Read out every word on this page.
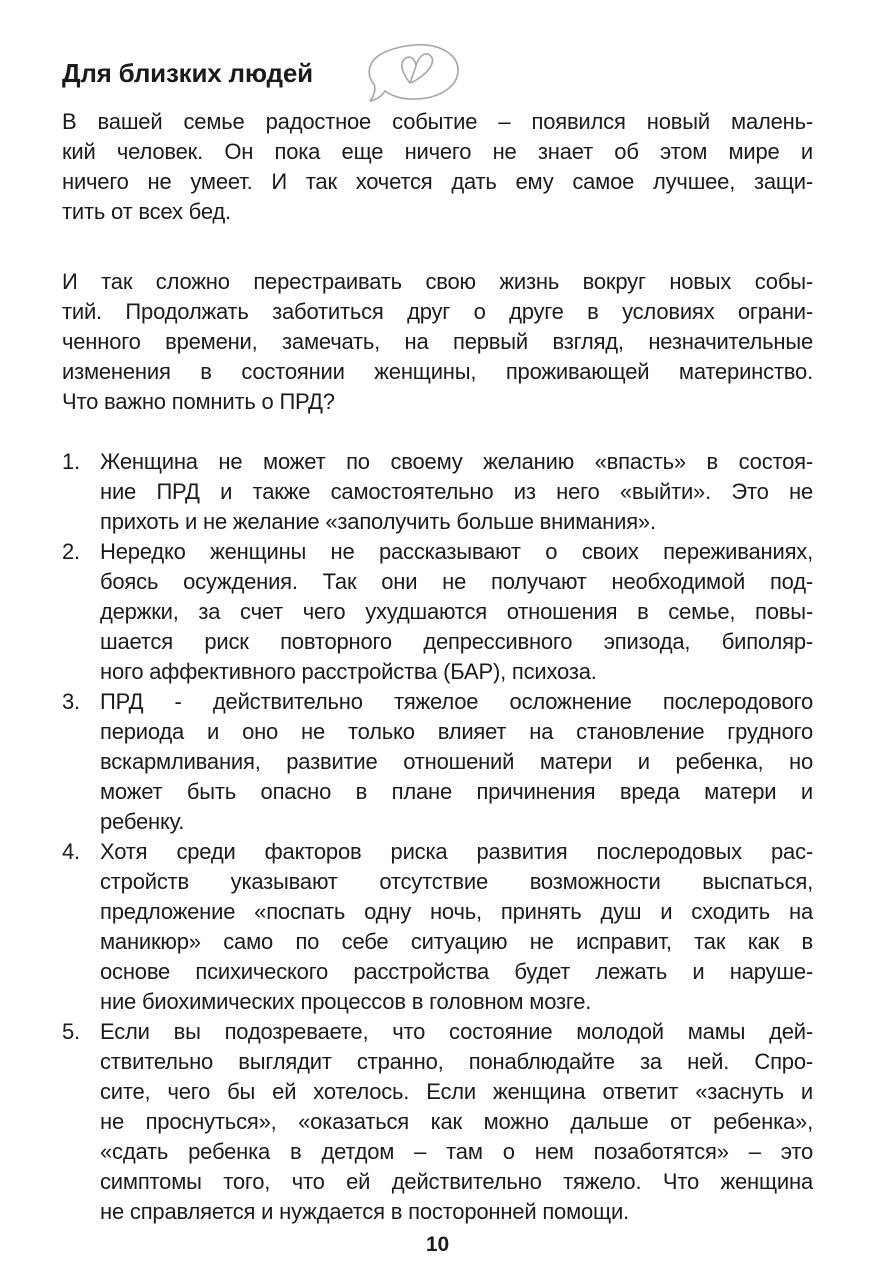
Для близких людей
В вашей семье радостное событие – появился новый малень-
кий человек. Он пока еще ничего не знает об этом мире и
ничего не умеет. И так хочется дать ему самое лучшее, защи-
тить от всех бед.
И так сложно перестраивать свою жизнь вокруг новых собы-
тий. Продолжать заботиться друг о друге в условиях ограни-
ченного времени, замечать, на первый взгляд, незначительные
изменения в состоянии женщины, проживающей материнство.
Что важно помнить о ПРД?
1. Женщина не может по своему желанию «впасть» в состоя-
ние ПРД и также самостоятельно из него «выйти». Это не
прихоть и не желание «заполучить больше внимания».
2. Нередко женщины не рассказывают о своих переживаниях,
боясь осуждения. Так они не получают необходимой под-
держки, за счет чего ухудшаются отношения в семье, повы-
шается риск повторного депрессивного эпизода, биполяр-
ного аффективного расстройства (БАР), психоза.
3. ПРД - действительно тяжелое осложнение послеродового
периода и оно не только влияет на становление грудного
вскармливания, развитие отношений матери и ребенка, но
может быть опасно в плане причинения вреда матери и
ребенку.
4. Хотя среди факторов риска развития послеродовых рас-
стройств указывают отсутствие возможности выспаться,
предложение «поспать одну ночь, принять душ и сходить на
маникюр» само по себе ситуацию не исправит, так как в
основе психического расстройства будет лежать и наруше-
ние биохимических процессов в головном мозге.
5. Если вы подозреваете, что состояние молодой мамы дей-
ствительно выглядит странно, понаблюдайте за ней. Спро-
сите, чего бы ей хотелось. Если женщина ответит «заснуть и
не проснуться», «оказаться как можно дальше от ребенка»,
«сдать ребенка в детдом – там о нем позаботятся» – это
симптомы того, что ей действительно тяжело. Что женщина
не справляется и нуждается в посторонней помощи.
10
